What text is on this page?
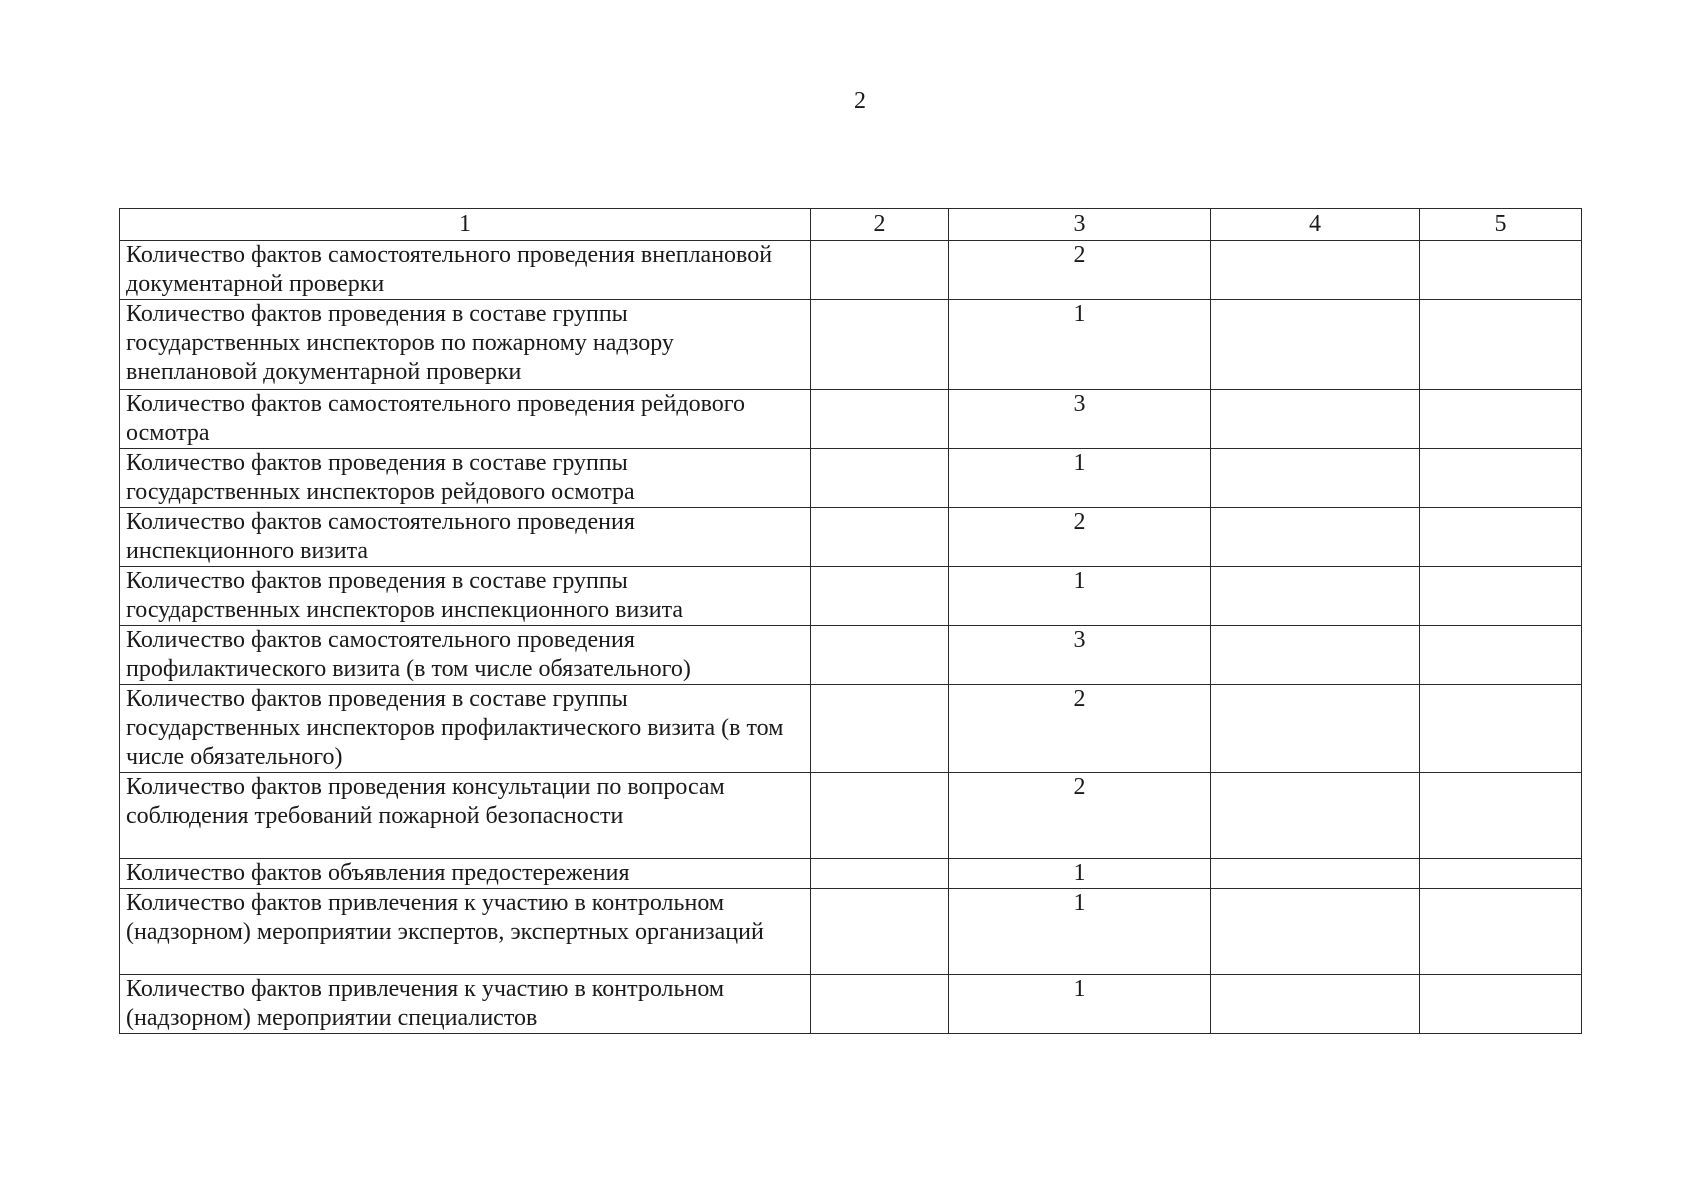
2
1	2	3	4	5
Количество фактов самостоятельного проведения внеплановой документарной проверки		2		
Количество фактов проведения в составе группы государственных инспекторов по пожарному надзору внеплановой документарной проверки		1		
Количество фактов самостоятельного проведения рейдового осмотра		3		
Количество фактов проведения в составе группы государственных инспекторов рейдового осмотра		1		
Количество фактов самостоятельного проведения инспекционного визита		2		
Количество фактов проведения в составе группы государственных инспекторов инспекционного визита		1		
Количество фактов самостоятельного проведения профилактического визита (в том числе обязательного)		3		
Количество фактов проведения в составе группы государственных инспекторов профилактического визита (в том числе обязательного)		2		
Количество фактов проведения консультации по вопросам соблюдения требований пожарной безопасности		2		
Количество фактов объявления предостережения		1		
Количество фактов привлечения к участию в контрольном (надзорном) мероприятии экспертов, экспертных организаций		1		
Количество фактов привлечения к участию в контрольном (надзорном) мероприятии специалистов		1		
